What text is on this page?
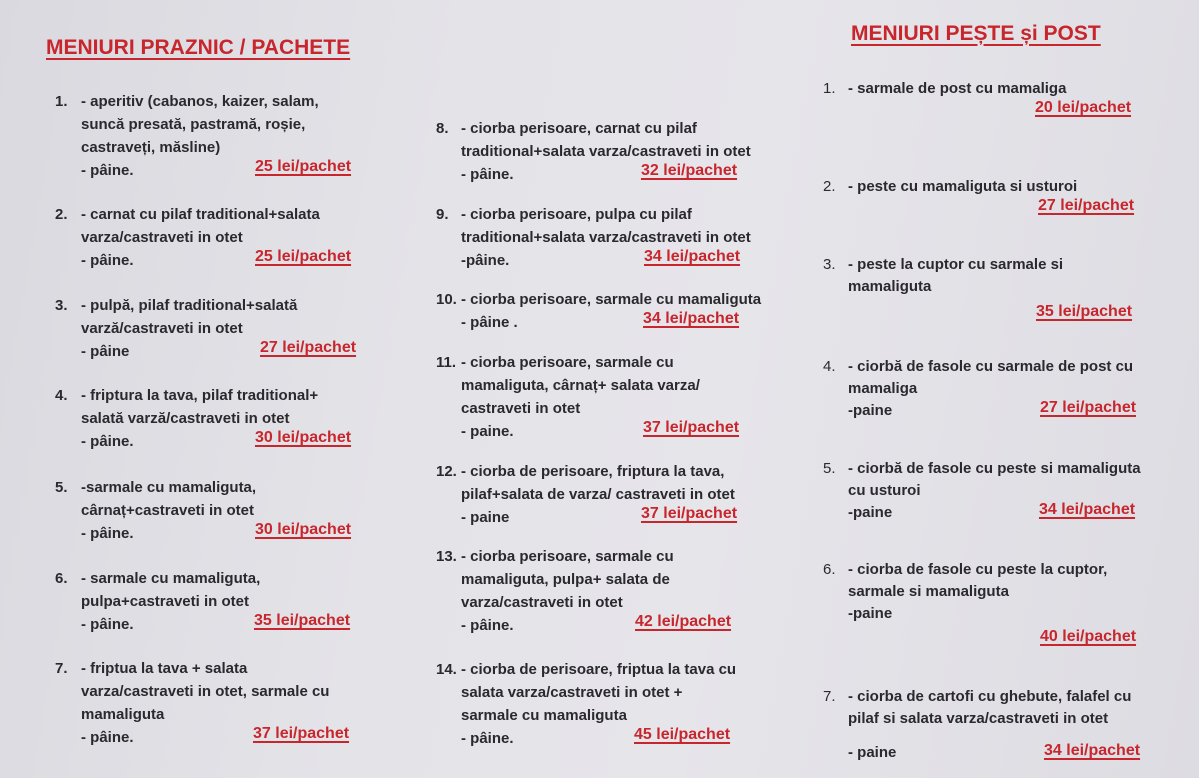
MENIURI PRAZNIC / PACHETE
MENIURI PEȘTE și POST
1. - aperitiv (cabanos, kaizer, salam,
suncă presată, pastramă, roșie,
castraveți, măsline)
- pâine.	25 lei/pachet
2. - carnat cu pilaf traditional+salata
varza/castraveti in otet
- pâine.	25 lei/pachet
3. - pulpă, pilaf traditional+salată
varză/castraveti in otet
- pâine	27 lei/pachet
4. - friptura la tava, pilaf traditional+
salată varză/castraveti in otet
- pâine.	30 lei/pachet
5. -sarmale cu mamaliguta,
cârnaț+castraveti in otet
- pâine.	30 lei/pachet
6. - sarmale cu mamaliguta,
pulpa+castraveti in otet
- pâine.	35 lei/pachet
7. - friptua la tava + salata
varza/castraveti in otet, sarmale cu
mamaliguta
- pâine.	37 lei/pachet
8. - ciorba perisoare, carnat cu pilaf
traditional+salata varza/castraveti in otet
- pâine.	32 lei/pachet
9. - ciorba perisoare, pulpa cu pilaf
traditional+salata varza/castraveti in otet
-pâine.	34 lei/pachet
10. - ciorba perisoare, sarmale cu mamaliguta
- pâine .	34 lei/pachet
11. - ciorba perisoare, sarmale cu
mamaliguta, cârnaț+ salata varza/
castraveti in otet
- paine.	37 lei/pachet
12. - ciorba de perisoare, friptura la tava,
pilaf+salata de varza/ castraveti in otet
- paine	37 lei/pachet
13. - ciorba perisoare, sarmale cu
mamaliguta, pulpa+ salata de
varza/castraveti in otet
- pâine.	42 lei/pachet
14. - ciorba de perisoare, friptua la tava cu
salata varza/castraveti in otet +
sarmale cu mamaliguta
- pâine.	45 lei/pachet
1. - sarmale de post cu mamaliga
20 lei/pachet
2. - peste cu mamaliguta si usturoi
27 lei/pachet
3. - peste la cuptor cu sarmale si
mamaliguta
35 lei/pachet
4. - ciorbă de fasole cu sarmale de post cu
mamaliga
-paine	27 lei/pachet
5. - ciorbă de fasole cu peste si mamaliguta
cu usturoi
-paine	34 lei/pachet
6. - ciorba de fasole cu peste la cuptor,
sarmale si mamaliguta
-paine
40 lei/pachet
7. - ciorba de cartofi cu ghebute, falafel cu
pilaf si salata varza/castraveti in otet
- paine	34 lei/pachet
